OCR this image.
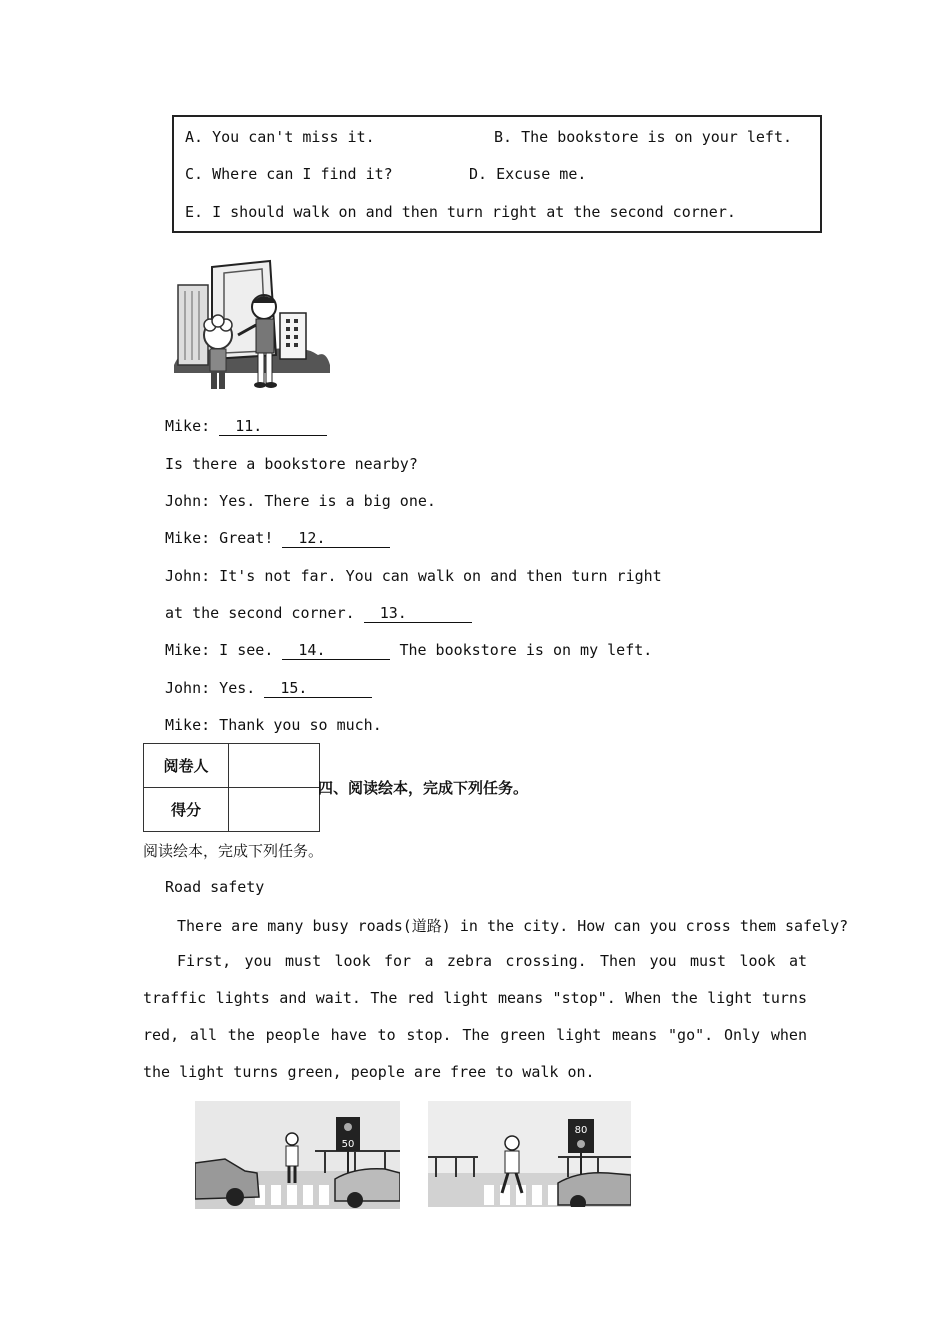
A. You can't miss it.	B. The bookstore is on your left.
C. Where can I find it?	D. Excuse me.
E. I should walk on and then turn right at the second corner.
Mike: 11.
Is there a bookstore nearby?
John: Yes. There is a big one.
Mike: Great! 12.
John: It's not far. You can walk on and then turn right
at the second corner. 13.
Mike: I see. 14.	The bookstore is on my left.
John: Yes. 15.
Mike: Thank you so much.
阅卷人	
得分	
四、阅读绘本，完成下列任务。
阅读绘本，完成下列任务。
Road safety
There are many busy roads(道路) in the city. How can you cross them safely?
First, you must look for a zebra crossing. Then you must look at traffic lights and wait. The red light means "stop". When the light turns red, all the people have to stop. The green light means "go". Only when the light turns green, people are free to walk on.
50
80
